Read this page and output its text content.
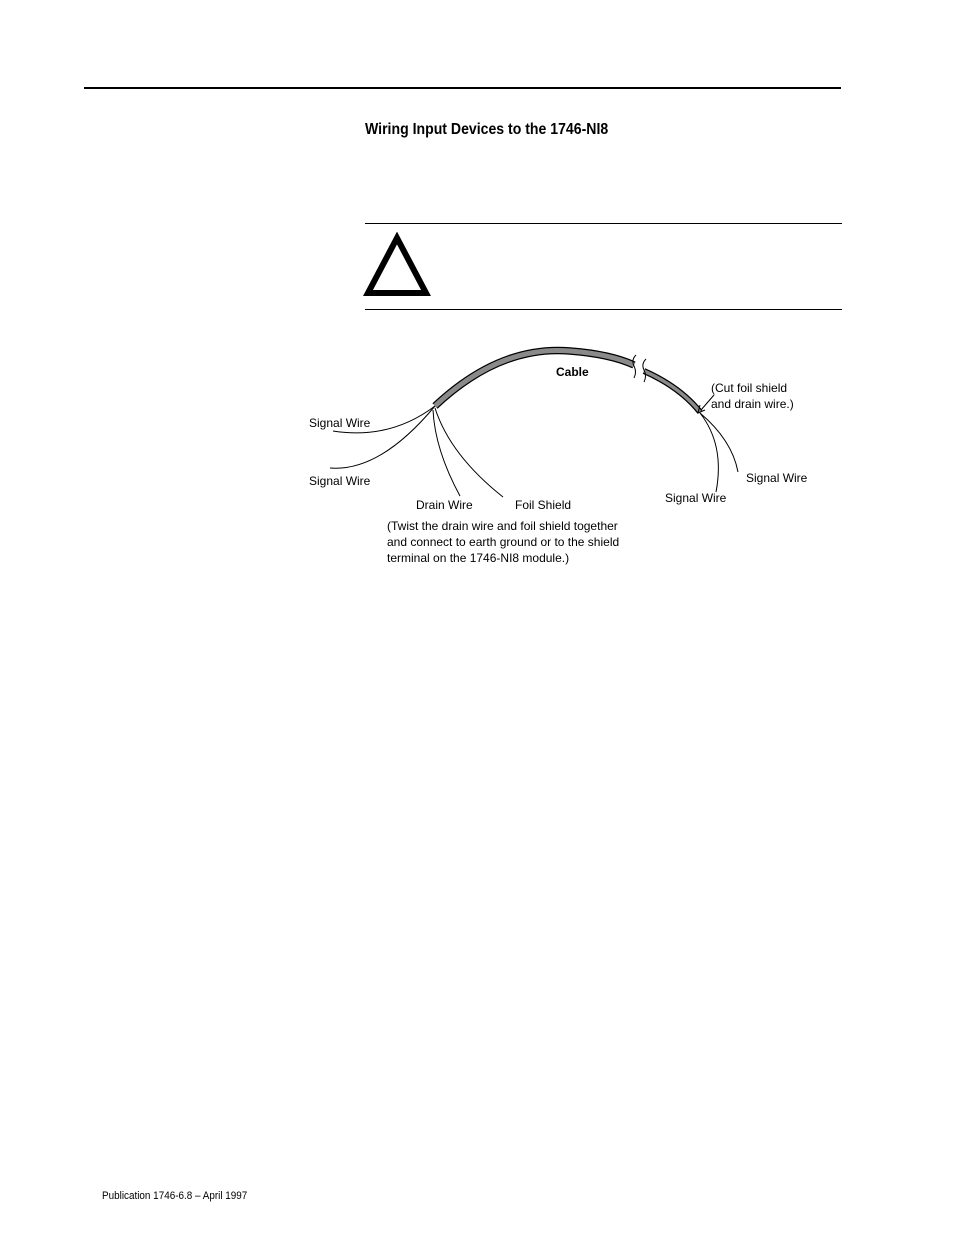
Wiring Input Devices to the 1746-NI8
Cable
(Cut foil shield
and drain wire.)
Signal Wire
Signal Wire
Drain Wire	Foil Shield	Signal Wire
Signal Wire
(Twist the drain wire and foil shield together
and connect to earth ground or to the shield
terminal on the 1746-NI8 module.)
Publication 1746-6.8 – April 1997
